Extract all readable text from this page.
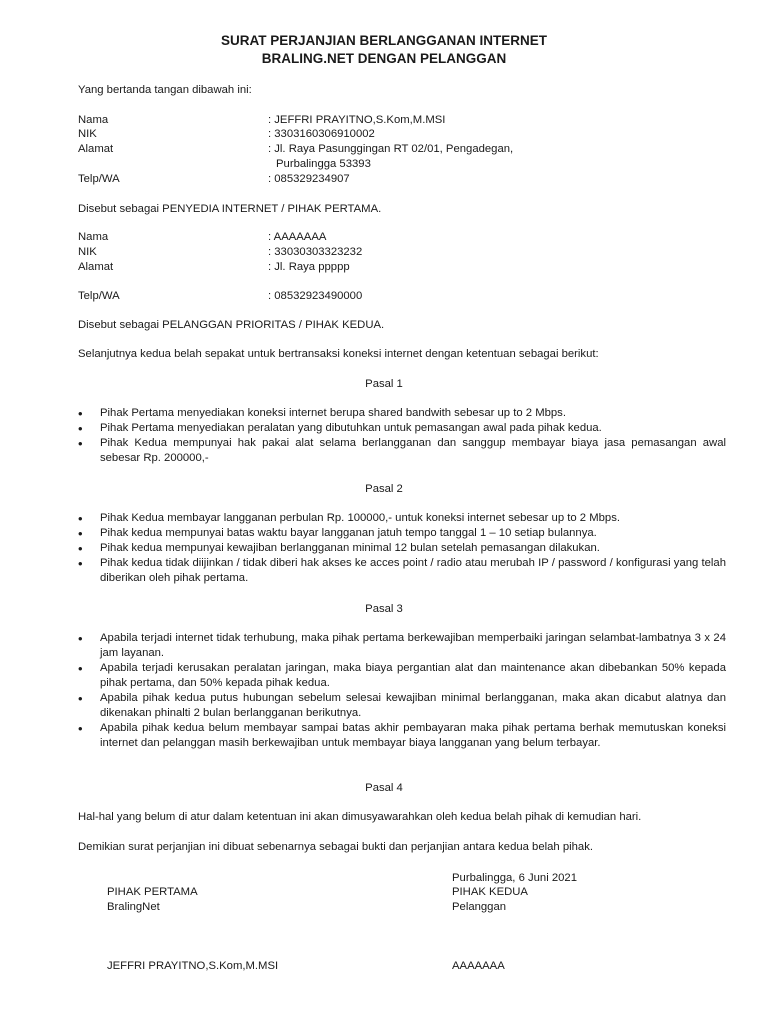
SURAT PERJANJIAN BERLANGGANAN INTERNET
BRALING.NET DENGAN PELANGGAN
Yang bertanda tangan dibawah ini:
Nama	: JEFFRI PRAYITNO,S.Kom,M.MSI
NIK	: 3303160306910002
Alamat	: Jl. Raya Pasunggingan RT 02/01, Pengadegan,
Purbalingga 53393
Telp/WA	: 085329234907
Disebut sebagai PENYEDIA INTERNET / PIHAK PERTAMA.
Nama	: AAAAAAA
NIK	: 33030303323232
Alamat	: Jl. Raya ppppp
Telp/WA	: 08532923490000
Disebut sebagai PELANGGAN PRIORITAS / PIHAK KEDUA.
Selanjutnya kedua belah sepakat untuk bertransaksi koneksi internet dengan ketentuan sebagai berikut:
Pasal 1
• Pihak Pertama menyediakan koneksi internet berupa shared bandwith sebesar up to 2 Mbps.
• Pihak Pertama menyediakan peralatan yang dibutuhkan untuk pemasangan awal pada pihak kedua.
• Pihak Kedua mempunyai hak pakai alat selama berlangganan dan sanggup membayar biaya jasa pemasangan awal sebesar Rp. 200000,-
Pasal 2
• Pihak Kedua membayar langganan perbulan Rp. 100000,- untuk koneksi internet sebesar up to 2 Mbps.
• Pihak kedua mempunyai batas waktu bayar langganan jatuh tempo tanggal 1 – 10 setiap bulannya.
• Pihak kedua mempunyai kewajiban berlangganan minimal 12 bulan setelah pemasangan dilakukan.
• Pihak kedua tidak diijinkan / tidak diberi hak akses ke acces point / radio atau merubah IP / password / konfigurasi yang telah diberikan oleh pihak pertama.
Pasal 3
• Apabila terjadi internet tidak terhubung, maka pihak pertama berkewajiban memperbaiki jaringan selambat-lambatnya 3 x 24 jam layanan.
• Apabila terjadi kerusakan peralatan jaringan, maka biaya pergantian alat dan maintenance akan dibebankan 50% kepada pihak pertama, dan 50% kepada pihak kedua.
• Apabila pihak kedua putus hubungan sebelum selesai kewajiban minimal berlangganan, maka akan dicabut alatnya dan dikenakan phinalti 2 bulan berlangganan berikutnya.
• Apabila pihak kedua belum membayar sampai batas akhir pembayaran maka pihak pertama berhak memutuskan koneksi internet dan pelanggan masih berkewajiban untuk membayar biaya langganan yang belum terbayar.
Pasal 4
Hal-hal yang belum di atur dalam ketentuan ini akan dimusyawarahkan oleh kedua belah pihak di kemudian hari.
Demikian surat perjanjian ini dibuat sebenarnya sebagai bukti dan perjanjian antara kedua belah pihak.
Purbalingga, 6 Juni 2021
PIHAK PERTAMA	PIHAK KEDUA
BralingNet	Pelanggan
JEFFRI PRAYITNO,S.Kom,M.MSI	AAAAAAA
